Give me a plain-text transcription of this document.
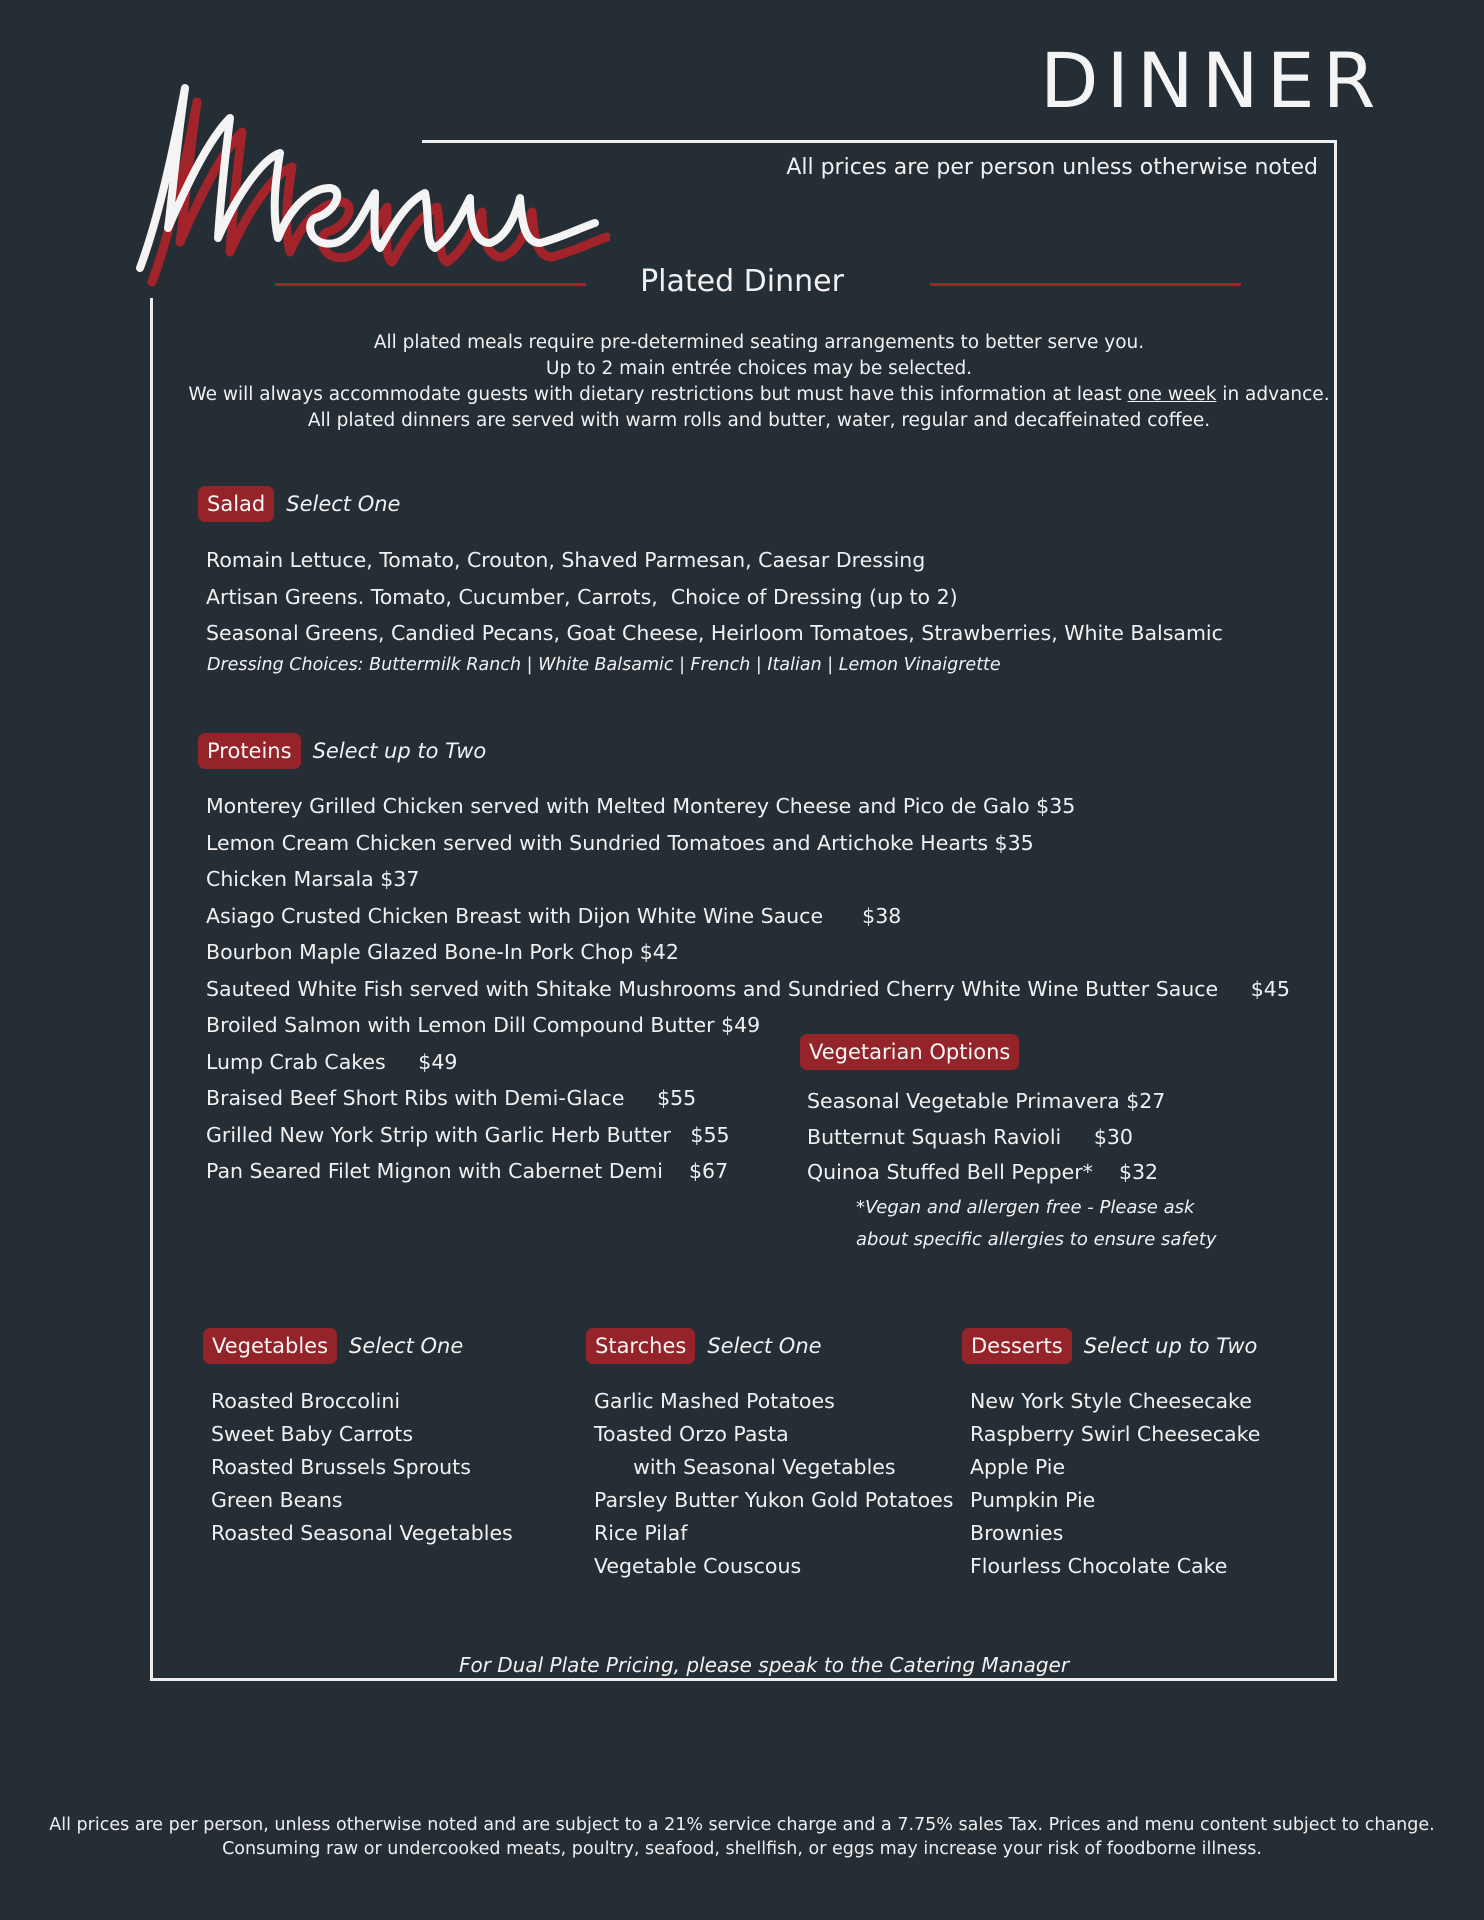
DINNER
All prices are per person unless otherwise noted
Menu
Plated Dinner
All plated meals require pre-determined seating arrangements to better serve you.
Up to 2 main entrée choices may be selected.
We will always accommodate guests with dietary restrictions but must have this information at least one week in advance.
All plated dinners are served with warm rolls and butter, water, regular and decaffeinated coffee.
Salad	Select One
Romain Lettuce, Tomato, Crouton, Shaved Parmesan, Caesar Dressing
Artisan Greens. Tomato, Cucumber, Carrots,  Choice of Dressing (up to 2)
Seasonal Greens, Candied Pecans, Goat Cheese, Heirloom Tomatoes, Strawberries, White Balsamic
Dressing Choices: Buttermilk Ranch | White Balsamic | French | Italian | Lemon Vinaigrette
Proteins	Select up to Two
Monterey Grilled Chicken served with Melted Monterey Cheese and Pico de Galo $35
Lemon Cream Chicken served with Sundried Tomatoes and Artichoke Hearts $35
Chicken Marsala $37
Asiago Crusted Chicken Breast with Dijon White Wine Sauce      $38
Bourbon Maple Glazed Bone-In Pork Chop $42
Sauteed White Fish served with Shitake Mushrooms and Sundried Cherry White Wine Butter Sauce     $45
Broiled Salmon with Lemon Dill Compound Butter $49
Lump Crab Cakes     $49
Braised Beef Short Ribs with Demi-Glace     $55
Grilled New York Strip with Garlic Herb Butter   $55
Pan Seared Filet Mignon with Cabernet Demi    $67
Vegetarian Options
Seasonal Vegetable Primavera $27
Butternut Squash Ravioli     $30
Quinoa Stuffed Bell Pepper*    $32
*Vegan and allergen free - Please ask
about specific allergies to ensure safety
Vegetables	Select One
Roasted Broccolini
Sweet Baby Carrots
Roasted Brussels Sprouts
Green Beans
Roasted Seasonal Vegetables
Starches	Select One
Garlic Mashed Potatoes
Toasted Orzo Pasta
with Seasonal Vegetables
Parsley Butter Yukon Gold Potatoes
Rice Pilaf
Vegetable Couscous
Desserts	Select up to Two
New York Style Cheesecake
Raspberry Swirl Cheesecake
Apple Pie
Pumpkin Pie
Brownies
Flourless Chocolate Cake
For Dual Plate Pricing, please speak to the Catering Manager
All prices are per person, unless otherwise noted and are subject to a 21% service charge and a 7.75% sales Tax. Prices and menu content subject to change.
Consuming raw or undercooked meats, poultry, seafood, shellfish, or eggs may increase your risk of foodborne illness.
